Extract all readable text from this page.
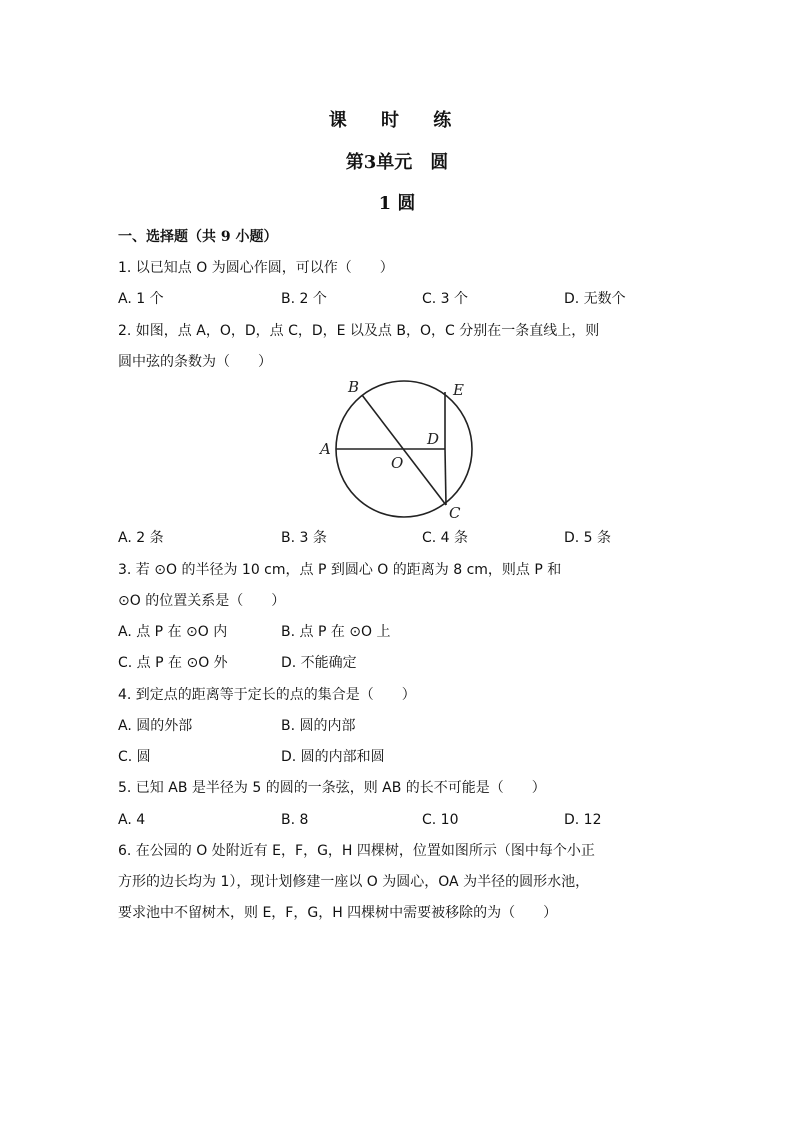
课 时 练
第3单元　圆
1 圆
一、选择题（共 9 小题）
1. 以已知点 O 为圆心作圆，可以作（　　）
A. 1 个	B. 2 个	C. 3 个	D. 无数个
2. 如图，点 A，O，D，点 C，D，E 以及点 B，O，C 分别在一条直线上，则
圆中弦的条数为（　　）
B	E
A
D
O
C
A. 2 条	B. 3 条	C. 4 条	D. 5 条
3. 若 ⊙O 的半径为 10 cm，点 P 到圆心 O 的距离为 8 cm，则点 P 和
⊙O 的位置关系是（　　）
A. 点 P 在 ⊙O 内	B. 点 P 在 ⊙O 上
C. 点 P 在 ⊙O 外	D. 不能确定
4. 到定点的距离等于定长的点的集合是（　　）
A. 圆的外部	B. 圆的内部
C. 圆	D. 圆的内部和圆
5. 已知 AB 是半径为 5 的圆的一条弦，则 AB 的长不可能是（　　）
A. 4	B. 8	C. 10	D. 12
6. 在公园的 O 处附近有 E，F，G，H 四棵树，位置如图所示（图中每个小正
方形的边长均为 1），现计划修建一座以 O 为圆心，OA 为半径的圆形水池，
要求池中不留树木，则 E，F，G，H 四棵树中需要被移除的为（　　）
